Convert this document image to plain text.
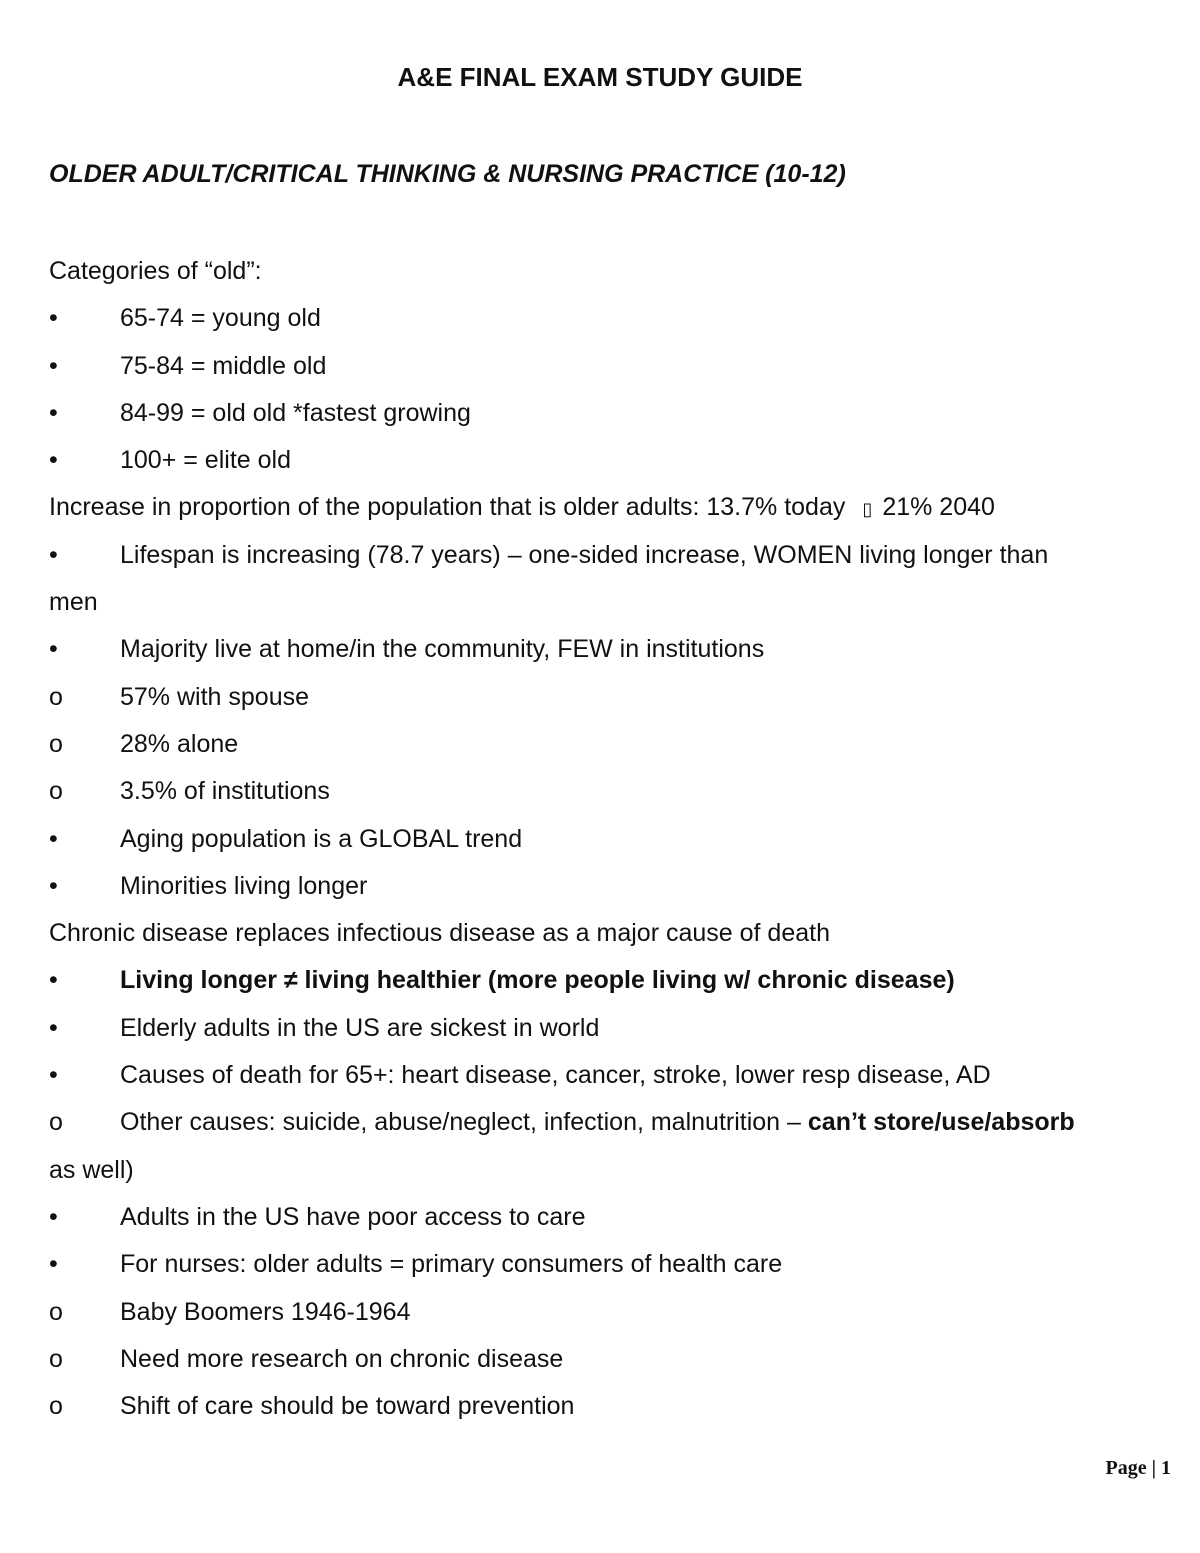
A&E FINAL EXAM STUDY GUIDE
OLDER ADULT/CRITICAL THINKING & NURSING PRACTICE (10-12)
Categories of “old”:
• 65-74 = young old
• 75-84 = middle old
• 84-99 = old old *fastest growing
• 100+ = elite old
Increase in proportion of the population that is older adults: 13.7% today ▯ 21% 2040
• Lifespan is increasing (78.7 years) – one-sided increase, WOMEN living longer than
men
• Majority live at home/in the community, FEW in institutions
o 57% with spouse
o 28% alone
o 3.5% of institutions
• Aging population is a GLOBAL trend
• Minorities living longer
Chronic disease replaces infectious disease as a major cause of death
• Living longer ≠ living healthier (more people living w/ chronic disease)
• Elderly adults in the US are sickest in world
• Causes of death for 65+: heart disease, cancer, stroke, lower resp disease, AD
o Other causes: suicide, abuse/neglect, infection, malnutrition – can’t store/use/absorb
as well)
• Adults in the US have poor access to care
• For nurses: older adults = primary consumers of health care
o Baby Boomers 1946-1964
o Need more research on chronic disease
o Shift of care should be toward prevention
Page | 1
